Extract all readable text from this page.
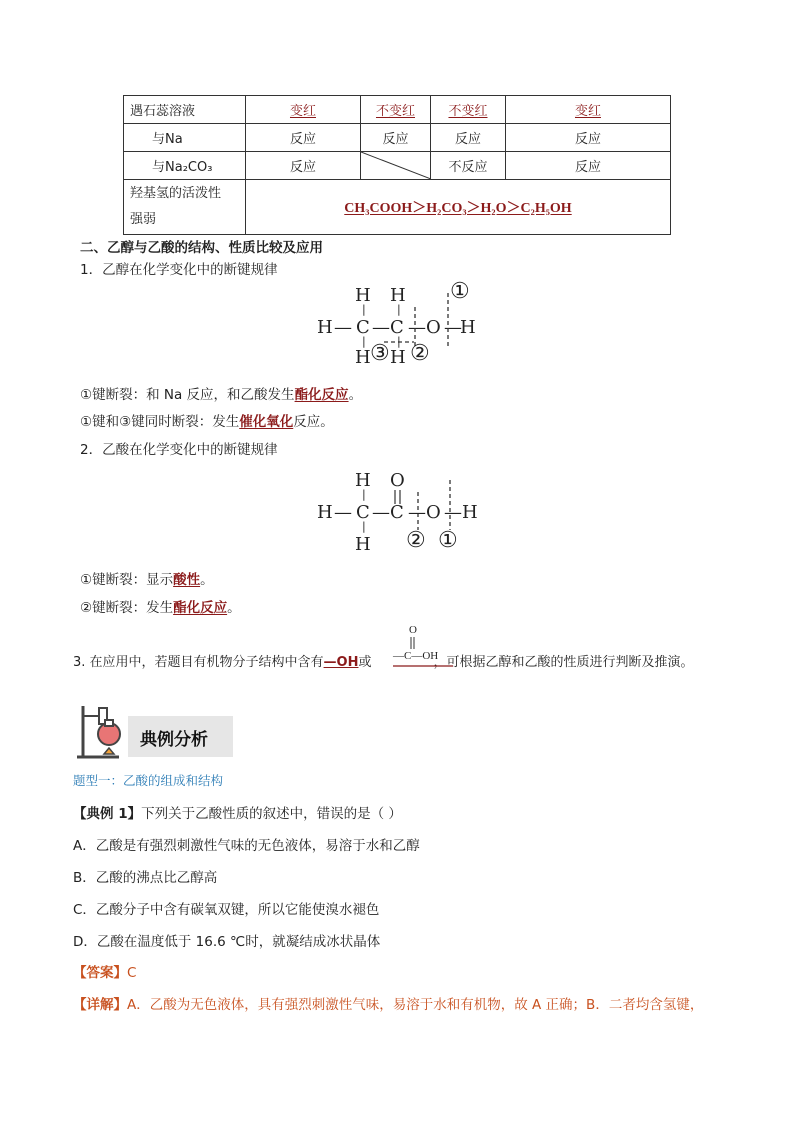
遇石蕊溶液	变红	不变红	不变红	变红
与Na	反应	反应	反应	反应
与Na₂CO₃	反应		不反应	反应
羟基氢的活泼性
强弱	CH₃COOH＞H₂CO₃＞H₂O＞C₂H₅OH			
二、乙醇与乙酸的结构、性质比较及应用
1．乙醇在化学变化中的断键规律
H H ①
|	|
H — C — C — O —
H
|	|
H ③ H ②
①键断裂：和 Na 反应，和乙酸发生酯化反应。
①键和③键同时断裂：发生催化氧化反应。
2．乙酸在化学变化中的断键规律
H O
|
H — C — C — O — H
|
H ② ①
①键断裂：显示酸性。
②键断裂：发生酯化反应。
3. 在应用中，若题目有机物分子结构中含有—OH或	，可根据乙醇和乙酸的性质进行判断及推演。
O
—C—OH
典例分析
题型一：乙酸的组成和结构
【典例 1】下列关于乙酸性质的叙述中，错误的是（ ）
A．乙酸是有强烈刺激性气味的无色液体，易溶于水和乙醇
B．乙酸的沸点比乙醇高
C．乙酸分子中含有碳氧双键，所以它能使溴水褪色
D．乙酸在温度低于 16.6 ℃时，就凝结成冰状晶体
【答案】C
【详解】A．乙酸为无色液体，具有强烈刺激性气味，易溶于水和有机物，故 A 正确；B．二者均含氢键，
